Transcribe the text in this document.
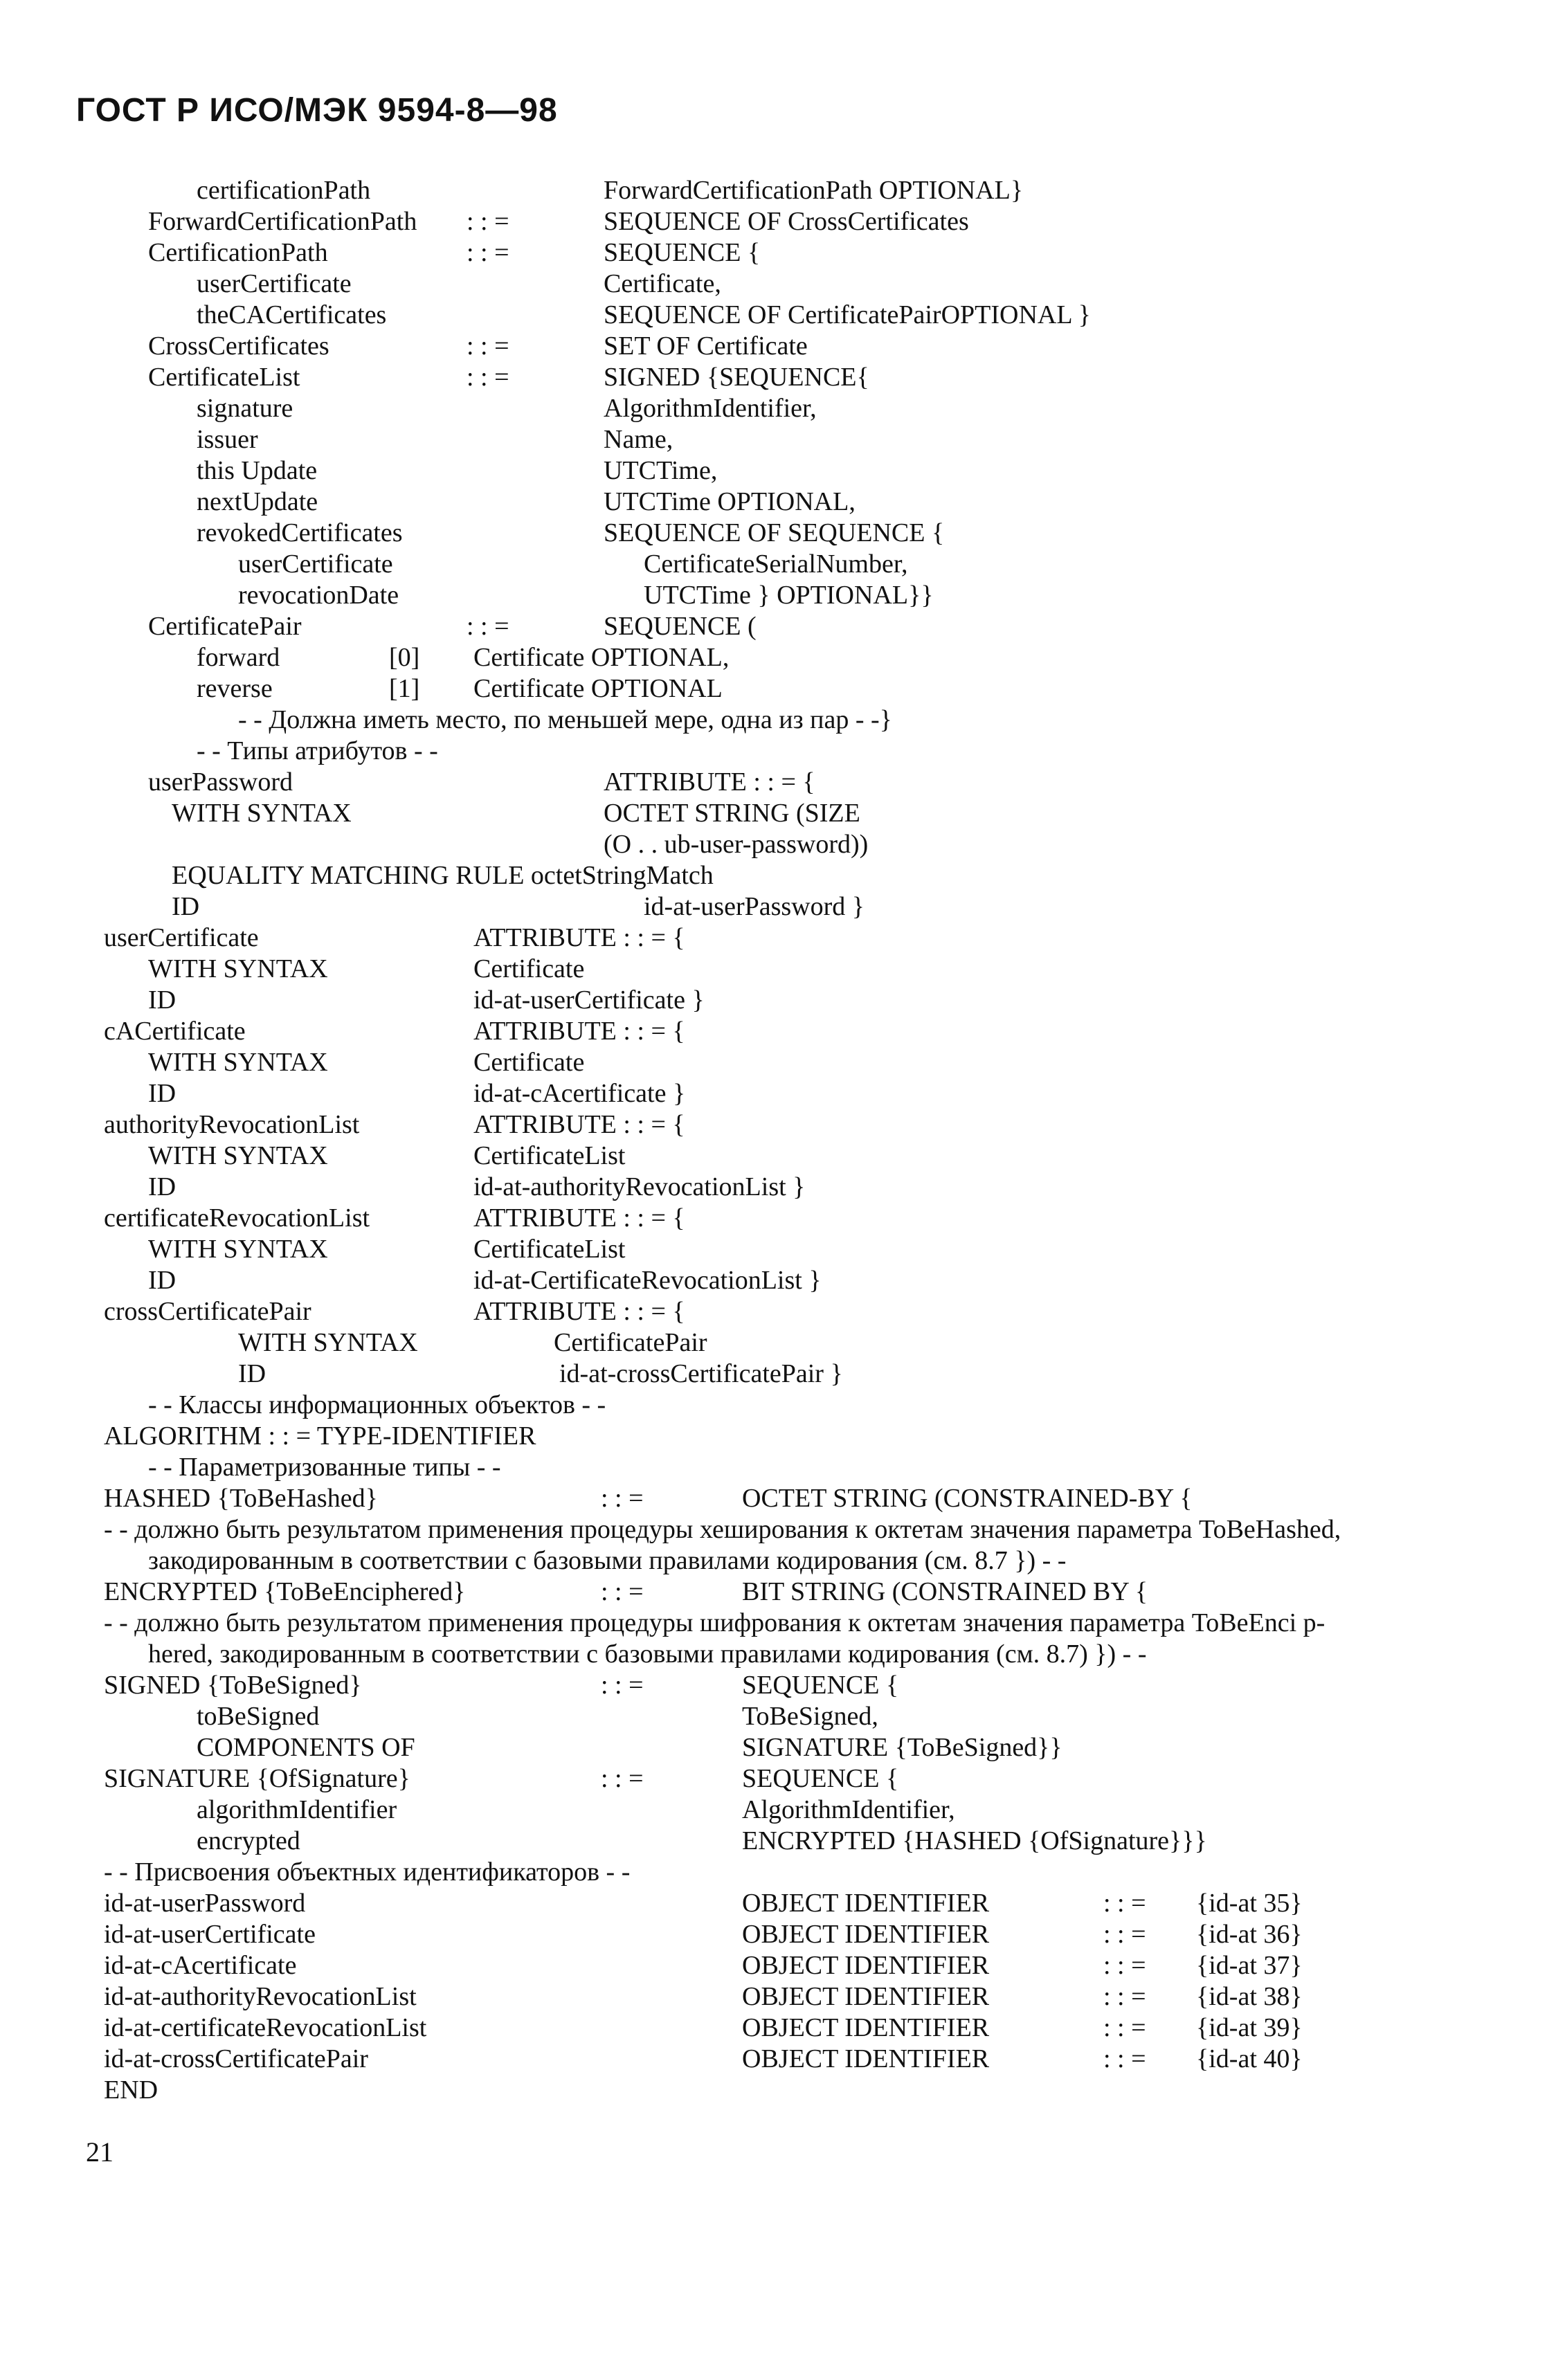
ГОСТ Р ИСО/МЭК 9594-8—98
certificationPath	ForwardCertificationPath OPTIONAL}
ForwardCertificationPath : : =	SEQUENCE OF CrossCertificates
CertificationPath	: : =	SEQUENCE {
userCertificate	Certificate,
theCACertificates	SEQUENCE OF CertificatePairOPTIONAL }
CrossCertificates	: : =	SET OF Certificate
CertificateList	: : =	SIGNED {SEQUENCE{
signature	AlgorithmIdentifier,
issuer	Name,
this Update	UTCTime,
nextUpdate	UTCTime OPTIONAL,
revokedCertificates	SEQUENCE OF SEQUENCE {
userCertificate	CertificateSerialNumber,
revocationDate	UTCTime } OPTIONAL}}
CertificatePair	: : =	SEQUENCE (
forward	[0] Certificate OPTIONAL,
reverse	[1] Certificate OPTIONAL
- - Должна иметь место, по меньшей мере, одна из пар - -}
- - Типы атрибутов - -
userPassword	ATTRIBUTE : : = {
WITH SYNTAX	OCTET STRING (SIZE
(O . . ub-user-password))
EQUALITY MATCHING RULE octetStringMatch
ID	id-at-userPassword }
userCertificate	ATTRIBUTE : : = {
WITH SYNTAX	Certificate
ID	id-at-userCertificate }
cACertificate	ATTRIBUTE : : = {
WITH SYNTAX	Certificate
ID	id-at-cAcertificate }
authorityRevocationList	ATTRIBUTE : : = {
WITH SYNTAX	CertificateList
ID	id-at-authorityRevocationList }
certificateRevocationList	ATTRIBUTE : : = {
WITH SYNTAX	CertificateList
ID	id-at-CertificateRevocationList }
crossCertificatePair	ATTRIBUTE : : = {
WITH SYNTAX	CertificatePair
ID	id-at-crossCertificatePair }
- - Классы информационных объектов - -
ALGORITHM : : = TYPE-IDENTIFIER
- - Параметризованные типы - -
HASHED {ToBeHashed}	: : =	OCTET STRING (CONSTRAINED-BY {
- - должно быть результатом применения процедуры хеширования к октетам значения параметра ToBeHashed,
закодированным в соответствии с базовыми правилами кодирования (см. 8.7 }) - -
ENCRYPTED {ToBeEnciphered}	: : =	BIT STRING (CONSTRAINED BY {
- - должно быть результатом применения процедуры шифрования к октетам значения параметра ToBeEnci p-
hered, закодированным в соответствии с базовыми правилами кодирования (см. 8.7) }) - -
SIGNED {ToBeSigned}	: : =	SEQUENCE {
toBeSigned	ToBeSigned,
COMPONENTS OF	SIGNATURE {ToBeSigned}}
SIGNATURE {OfSignature}	: : =	SEQUENCE {
algorithmIdentifier	AlgorithmIdentifier,
encrypted	ENCRYPTED {HASHED {OfSignature}}}
- - Присвоения объектных идентификаторов - -
id-at-userPassword	OBJECT IDENTIFIER	: : = {id-at 35}
id-at-userCertificate	OBJECT IDENTIFIER	: : = {id-at 36}
id-at-cAcertificate	OBJECT IDENTIFIER	: : = {id-at 37}
id-at-authorityRevocationList	OBJECT IDENTIFIER	: : = {id-at 38}
id-at-certificateRevocationList	OBJECT IDENTIFIER	: : = {id-at 39}
id-at-crossCertificatePair	OBJECT IDENTIFIER	: : = {id-at 40}
END
21
